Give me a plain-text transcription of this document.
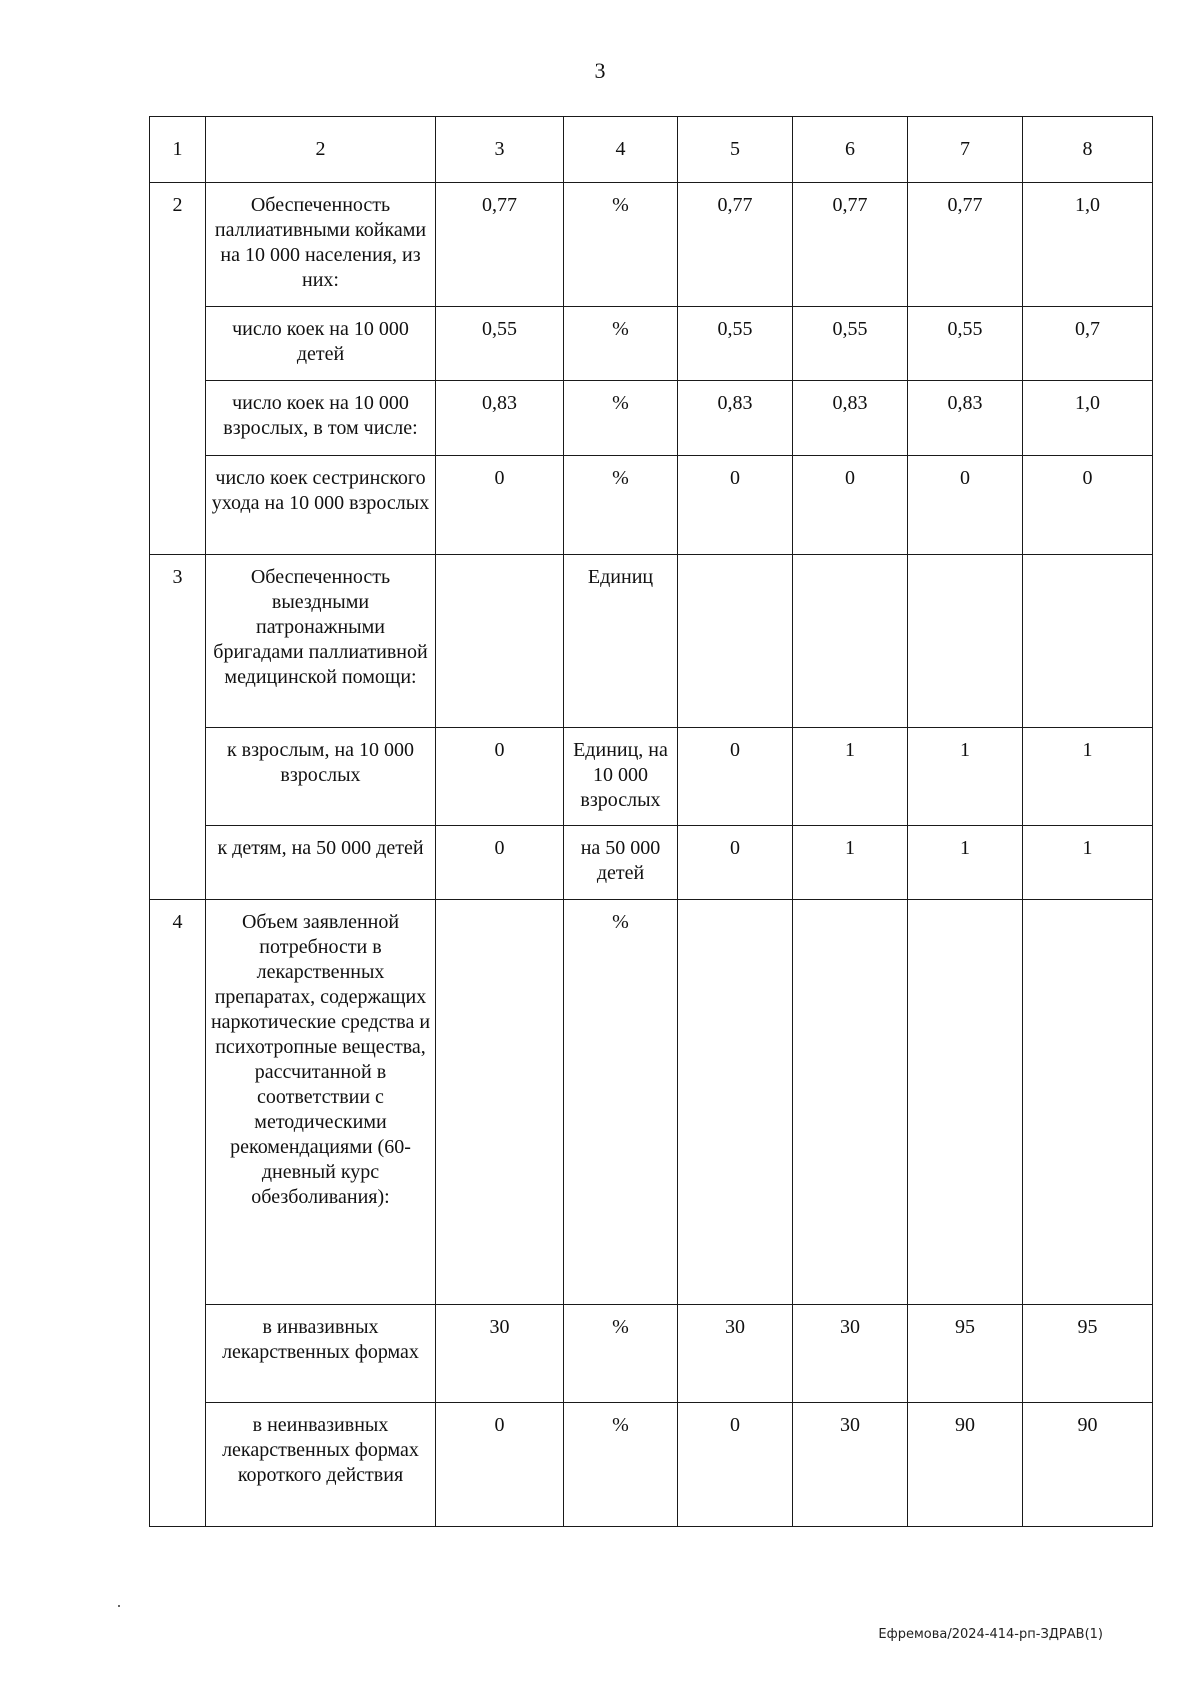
3
1	2	3	4	5	6	7	8
2	Обеспеченность паллиативными койками на 10 000 населения, из них:	0,77	%	0,77	0,77	0,77	1,0
	число коек на 10 000 детей	0,55	%	0,55	0,55	0,55	0,7
	число коек на 10 000 взрослых, в том числе:	0,83	%	0,83	0,83	0,83	1,0
	число коек сестринского ухода на 10 000 взрослых	0	%	0	0	0	0
3	Обеспеченность выездными патронажными бригадами паллиативной медицинской помощи:		Единиц				
	к взрослым, на 10 000 взрослых	0	Единиц, на 10 000 взрослых	0	1	1	1
	к детям, на 50 000 детей	0	на 50 000 детей	0	1	1	1
4	Объем заявленной потребности в лекарственных препаратах, содержащих наркотические средства и психотропные вещества, рассчитанной в соответствии с методическими рекомендациями (60-дневный курс обезболивания):		%				
	в инвазивных лекарственных формах	30	%	30	30	95	95
	в неинвазивных лекарственных формах короткого действия	0	%	0	30	90	90
Ефремова/2024-414-рп-ЗДРАВ(1)
